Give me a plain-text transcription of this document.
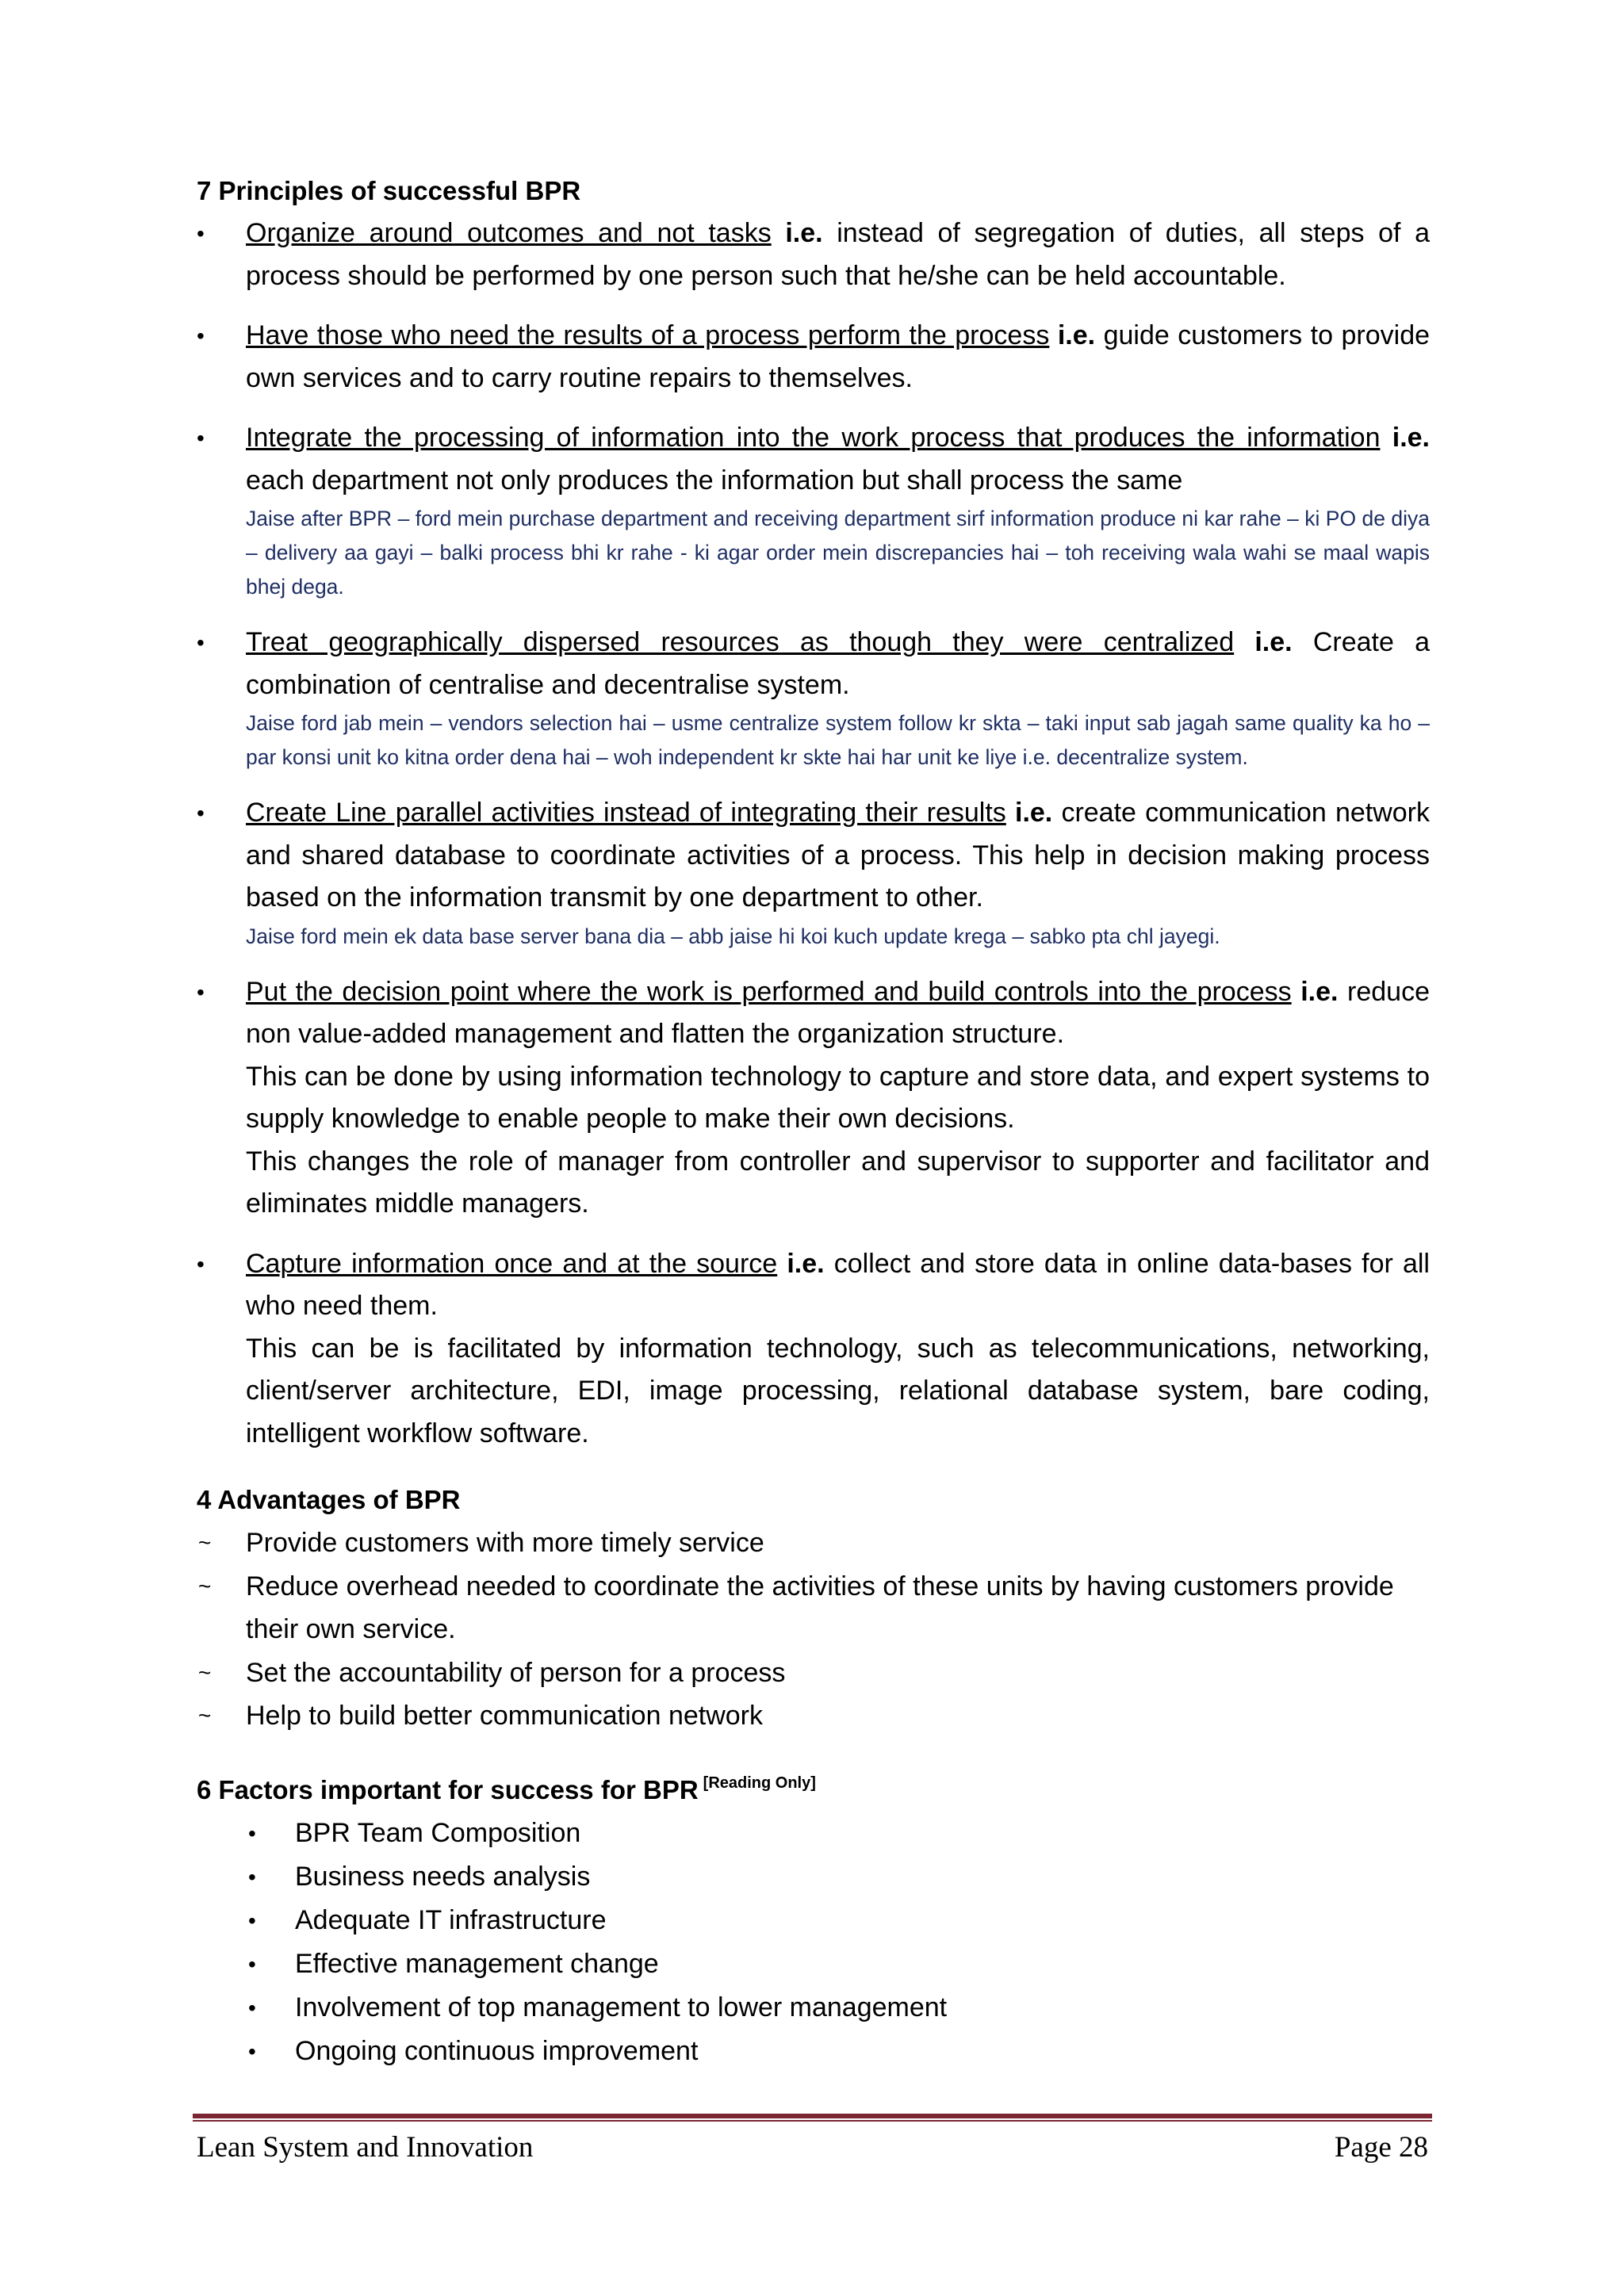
7 Principles of successful BPR
• Organize around outcomes and not tasks i.e. instead of segregation of duties, all steps of a process should be performed by one person such that he/she can be held accountable.

• Have those who need the results of a process perform the process i.e. guide customers to provide own services and to carry routine repairs to themselves.

• Integrate the processing of information into the work process that produces the information i.e. each department not only produces the information but shall process the same

Jaise after BPR – ford mein purchase department and receiving department sirf information produce ni kar rahe – ki PO de diya – delivery aa gayi – balki process bhi kr rahe - ki agar order mein discrepancies hai – toh receiving wala wahi se maal wapis bhej dega.

• Treat geographically dispersed resources as though they were centralized i.e. Create a combination of centralise and decentralise system.

Jaise ford jab mein – vendors selection hai – usme centralize system follow kr skta – taki input sab jagah same quality ka ho – par konsi unit ko kitna order dena hai – woh independent kr skte hai har unit ke liye i.e. decentralize system.

• Create Line parallel activities instead of integrating their results i.e. create communication network and shared database to coordinate activities of a process. This help in decision making process based on the information transmit by one department to other.

Jaise ford mein ek data base server bana dia – abb jaise hi koi kuch update krega – sabko pta chl jayegi.

• Put the decision point where the work is performed and build controls into the process i.e. reduce non value-added management and flatten the organization structure.

This can be done by using information technology to capture and store data, and expert systems to supply knowledge to enable people to make their own decisions.

This changes the role of manager from controller and supervisor to supporter and facilitator and eliminates middle managers.

• Capture information once and at the source i.e. collect and store data in online data-bases for all who need them.

This can be is facilitated by information technology, such as telecommunications, networking, client/server architecture, EDI, image processing, relational database system, bare coding, intelligent workflow software.

4 Advantages of BPR
~ Provide customers with more timely service
~ Reduce overhead needed to coordinate the activities of these units by having customers provide their own service.
~ Set the accountability of person for a process
~ Help to build better communication network
6 Factors important for success for BPR [Reading Only]
• BPR Team Composition
• Business needs analysis
• Adequate IT infrastructure
• Effective management change
• Involvement of top management to lower management
• Ongoing continuous improvement
Lean System and Innovation	Page 28
